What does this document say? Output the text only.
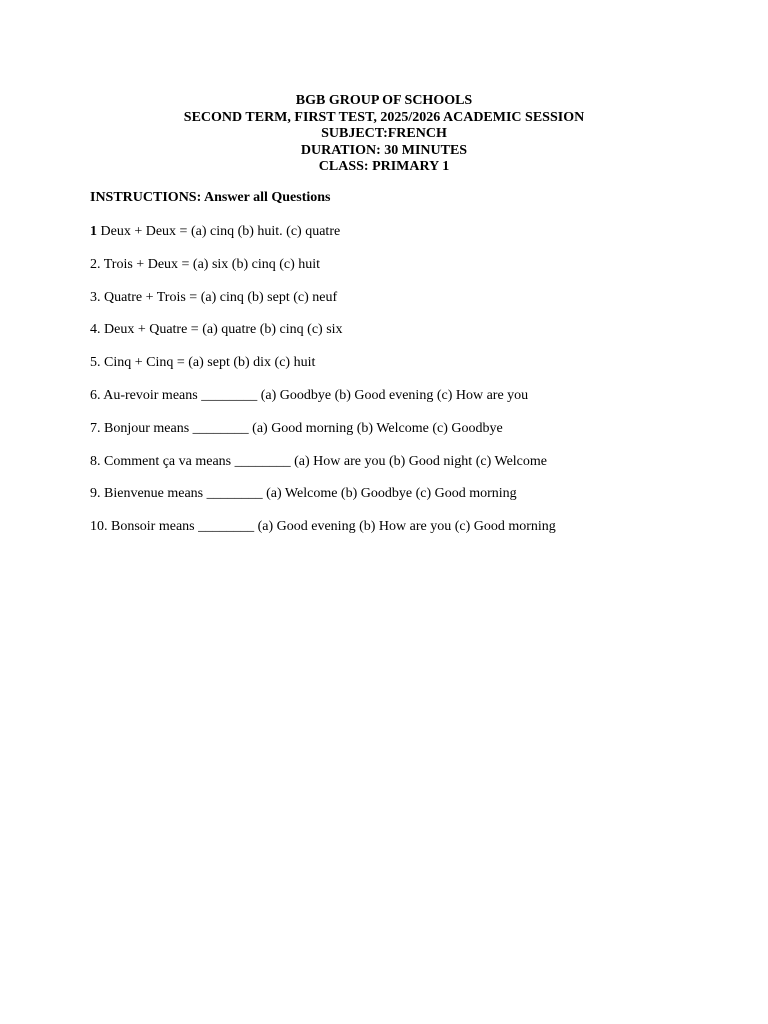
BGB GROUP OF SCHOOLS
SECOND TERM, FIRST TEST, 2025/2026 ACADEMIC SESSION
SUBJECT:FRENCH
DURATION: 30 MINUTES
CLASS: PRIMARY 1
INSTRUCTIONS: Answer all Questions
1 Deux + Deux = (a) cinq (b) huit. (c) quatre
2. Trois + Deux = (a) six (b) cinq (c) huit
3. Quatre + Trois = (a) cinq (b) sept (c) neuf
4. Deux + Quatre = (a) quatre (b) cinq (c) six
5. Cinq + Cinq = (a) sept (b) dix (c) huit
6. Au-revoir means ________ (a) Goodbye (b) Good evening (c) How are you
7. Bonjour means ________ (a) Good morning (b) Welcome (c) Goodbye
8. Comment ça va means ________ (a) How are you (b) Good night (c) Welcome
9. Bienvenue means ________ (a) Welcome (b) Goodbye (c) Good morning
10. Bonsoir means ________ (a) Good evening (b) How are you (c) Good morning
